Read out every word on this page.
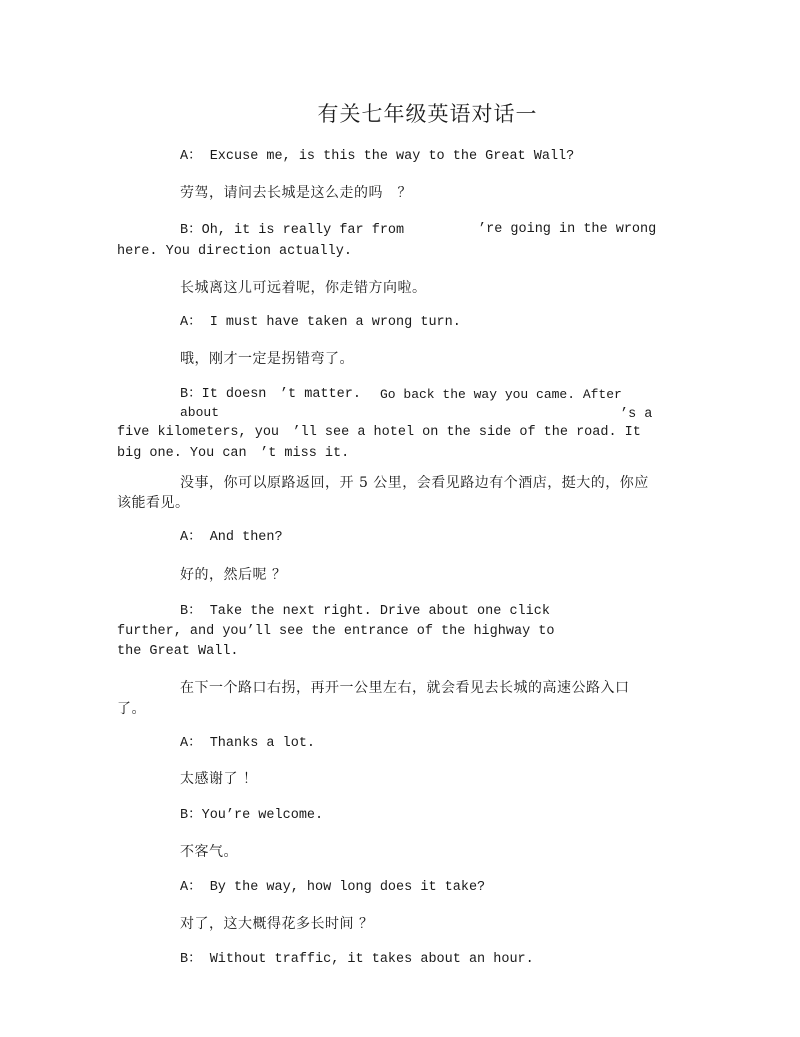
有关七年级英语对话一
A： Excuse me, is this the way to the Great Wall?
劳驾，请问去长城是这么走的吗　？
B：Oh, it is really far from	’re going in the wrong
here. You direction actually.
长城离这儿可远着呢，你走错方向啦。
A： I must have taken a wrong turn.
哦，刚才一定是拐错弯了。
B：It doesn　’t matter. Go back the way you came. After
about	’s a
five kilometers, you　’ll see a hotel on the side of the road. It
big one. You can　’t miss it.
没事，你可以原路返回，开 5 公里，会看见路边有个酒店，挺大的，你应
该能看见。
A： And then?
好的，然后呢 ？
B： Take the next right. Drive about one click
further, and you’ll see the entrance of the highway to
the Great Wall.
在下一个路口右拐，再开一公里左右，就会看见去长城的高速公路入口
了。
A： Thanks a lot.
太感谢了 ！
B：You’re welcome.
不客气。
A： By the way, how long does it take?
对了，这大概得花多长时间 ？
B： Without traffic, it takes about an hour.
